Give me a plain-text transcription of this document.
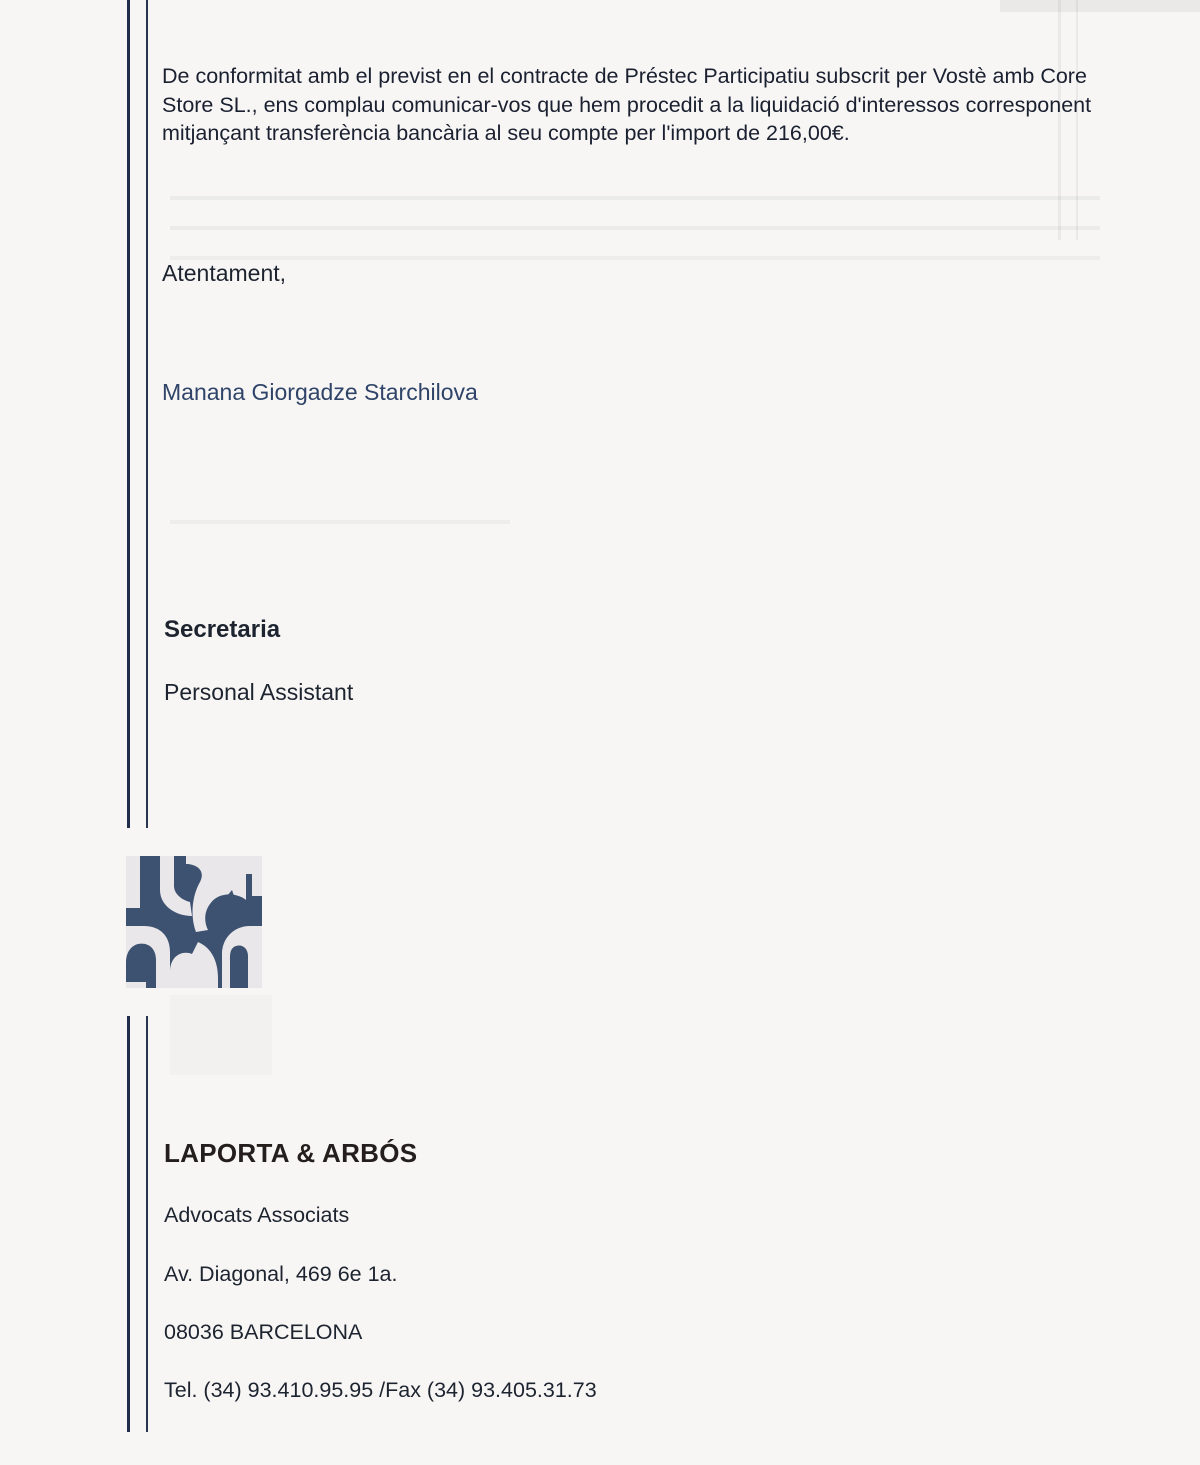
De conformitat amb el previst en el contracte de Préstec Participatiu subscrit per Vostè amb Core Store SL., ens complau comunicar-vos que hem procedit a la liquidació d'interessos corresponent mitjançant transferència bancària al seu compte per l'import de 216,00€.

Atentament,

Manana Giorgadze Starchilova

Secretaria

Personal Assistant

LAPORTA & ARBÓS

Advocats Associats

Av. Diagonal, 469 6e 1a.

08036 BARCELONA

Tel. (34) 93.410.95.95 /Fax (34) 93.405.31.73
